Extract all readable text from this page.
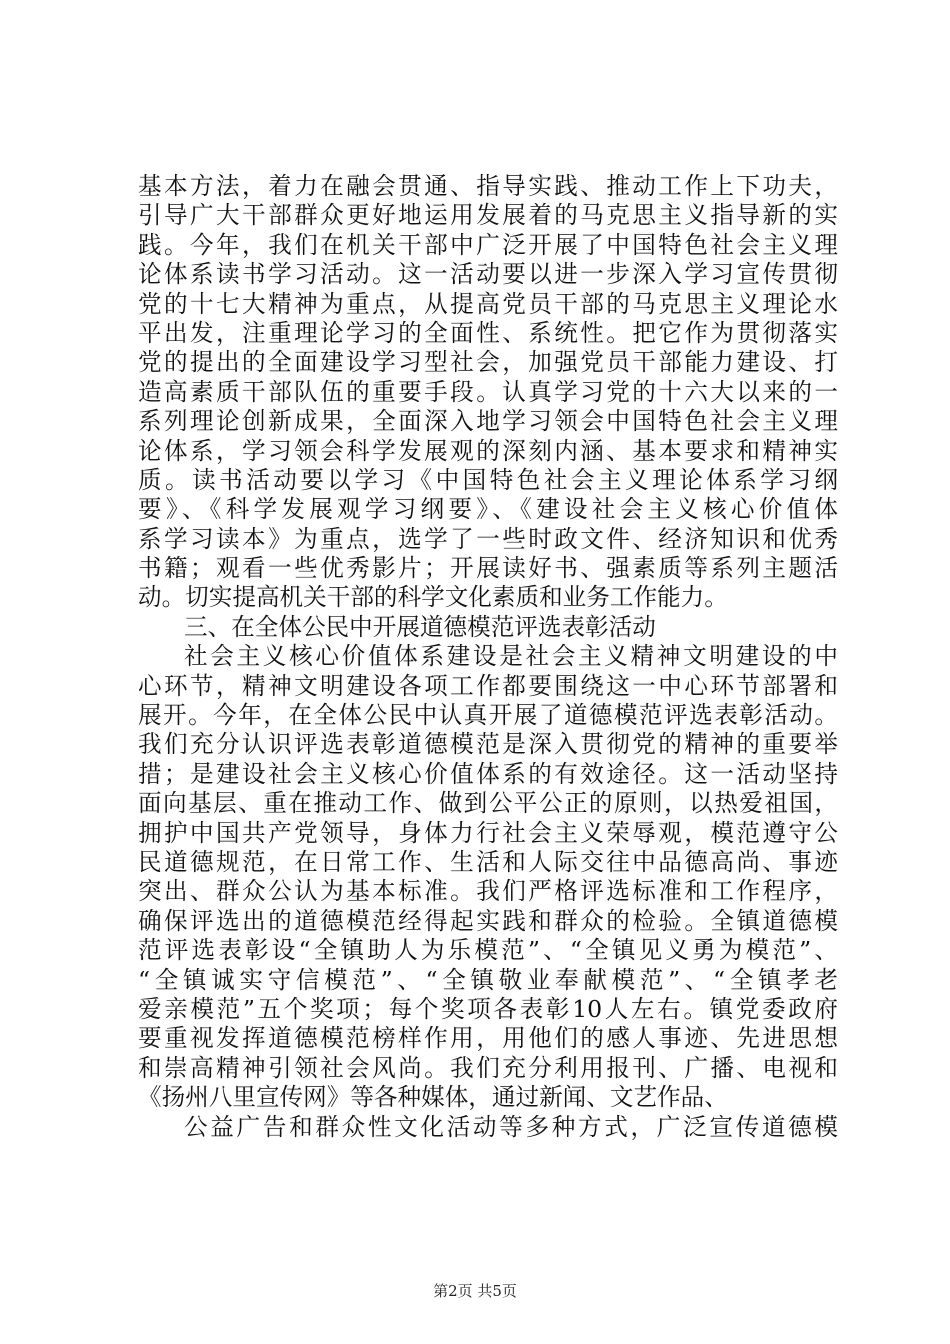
基本方法，着力在融会贯通、指导实践、推动工作上下功夫，
引导广大干部群众更好地运用发展着的马克思主义指导新的实
践。今年，我们在机关干部中广泛开展了中国特色社会主义理
论体系读书学习活动。这一活动要以进一步深入学习宣传贯彻
党的十七大精神为重点，从提高党员干部的马克思主义理论水
平出发，注重理论学习的全面性、系统性。把它作为贯彻落实
党的提出的全面建设学习型社会，加强党员干部能力建设、打
造高素质干部队伍的重要手段。认真学习党的十六大以来的一
系列理论创新成果，全面深入地学习领会中国特色社会主义理
论体系，学习领会科学发展观的深刻内涵、基本要求和精神实
质。读书活动要以学习《中国特色社会主义理论体系学习纲
要》、《科学发展观学习纲要》、《建设社会主义核心价值体
系学习读本》为重点，选学了一些时政文件、经济知识和优秀
书籍；观看一些优秀影片；开展读好书、强素质等系列主题活
动。切实提高机关干部的科学文化素质和业务工作能力。
三、在全体公民中开展道德模范评选表彰活动
社会主义核心价值体系建设是社会主义精神文明建设的中
心环节，精神文明建设各项工作都要围绕这一中心环节部署和
展开。今年，在全体公民中认真开展了道德模范评选表彰活动。
我们充分认识评选表彰道德模范是深入贯彻党的精神的重要举
措；是建设社会主义核心价值体系的有效途径。这一活动坚持
面向基层、重在推动工作、做到公平公正的原则，以热爱祖国，
拥护中国共产党领导，身体力行社会主义荣辱观，模范遵守公
民道德规范，在日常工作、生活和人际交往中品德高尚、事迹
突出、群众公认为基本标准。我们严格评选标准和工作程序，
确保评选出的道德模范经得起实践和群众的检验。全镇道德模
范评选表彰设“全镇助人为乐模范”、“全镇见义勇为模范”、
“全镇诚实守信模范”、“全镇敬业奉献模范”、“全镇孝老
爱亲模范”五个奖项；每个奖项各表彰10人左右。镇党委政府
要重视发挥道德模范榜样作用，用他们的感人事迹、先进思想
和崇高精神引领社会风尚。我们充分利用报刊、广播、电视和
《扬州八里宣传网》等各种媒体，通过新闻、文艺作品、
公益广告和群众性文化活动等多种方式，广泛宣传道德模
第2页 共5页
